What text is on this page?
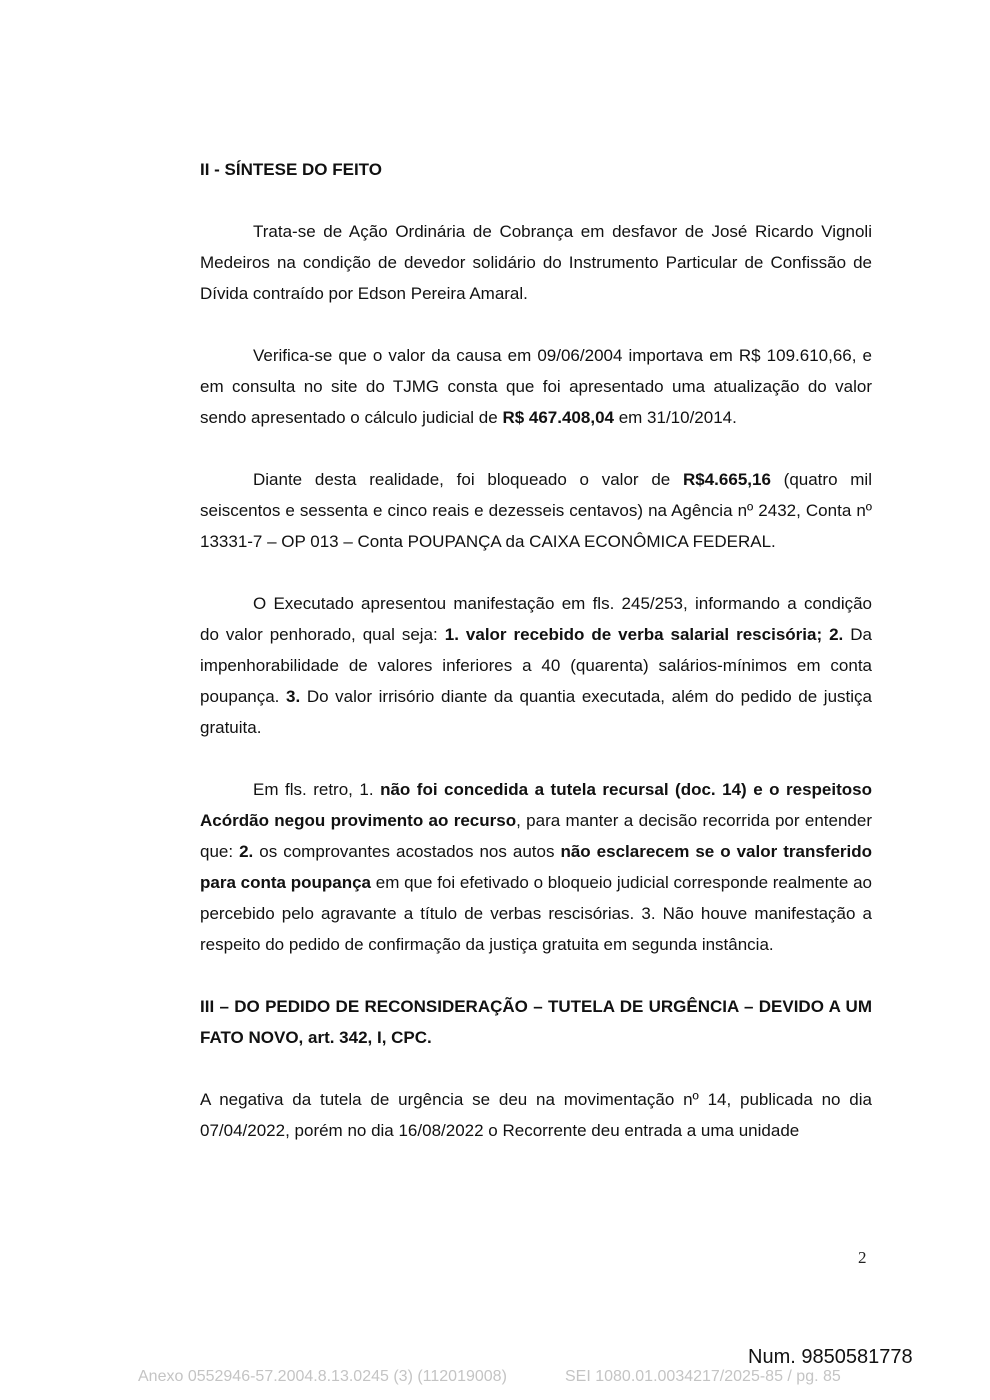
II - SÍNTESE DO FEITO

Trata-se de Ação Ordinária de Cobrança em desfavor de José Ricardo Vignoli Medeiros na condição de devedor solidário do Instrumento Particular de Confissão de Dívida contraído por Edson Pereira Amaral.

Verifica-se que o valor da causa em 09/06/2004 importava em R$ 109.610,66, e em consulta no site do TJMG consta que foi apresentado uma atualização do valor sendo apresentado o cálculo judicial de R$ 467.408,04 em 31/10/2014.

Diante desta realidade, foi bloqueado o valor de R$4.665,16 (quatro mil seiscentos e sessenta e cinco reais e dezesseis centavos) na Agência nº 2432, Conta nº 13331-7 – OP 013 – Conta POUPANÇA da CAIXA ECONÔMICA FEDERAL.

O Executado apresentou manifestação em fls. 245/253, informando a condição do valor penhorado, qual seja: 1. valor recebido de verba salarial rescisória; 2. Da impenhorabilidade de valores inferiores a 40 (quarenta) salários-mínimos em conta poupança. 3. Do valor irrisório diante da quantia executada, além do pedido de justiça gratuita.

Em fls. retro, 1. não foi concedida a tutela recursal (doc. 14) e o respeitoso Acórdão negou provimento ao recurso, para manter a decisão recorrida por entender que: 2. os comprovantes acostados nos autos não esclarecem se o valor transferido para conta poupança em que foi efetivado o bloqueio judicial corresponde realmente ao percebido pelo agravante a título de verbas rescisórias. 3. Não houve manifestação a respeito do pedido de confirmação da justiça gratuita em segunda instância.

III – DO PEDIDO DE RECONSIDERAÇÃO – TUTELA DE URGÊNCIA – DEVIDO A UM FATO NOVO, art. 342, I, CPC.

A negativa da tutela de urgência se deu na movimentação nº 14, publicada no dia 07/04/2022, porém no dia 16/08/2022 o Recorrente deu entrada a uma unidade

2
Num. 9850581778
Anexo 0552946-57.2004.8.13.0245 (3) (112019008)	SEI 1080.01.0034217/2025-85 / pg. 85
